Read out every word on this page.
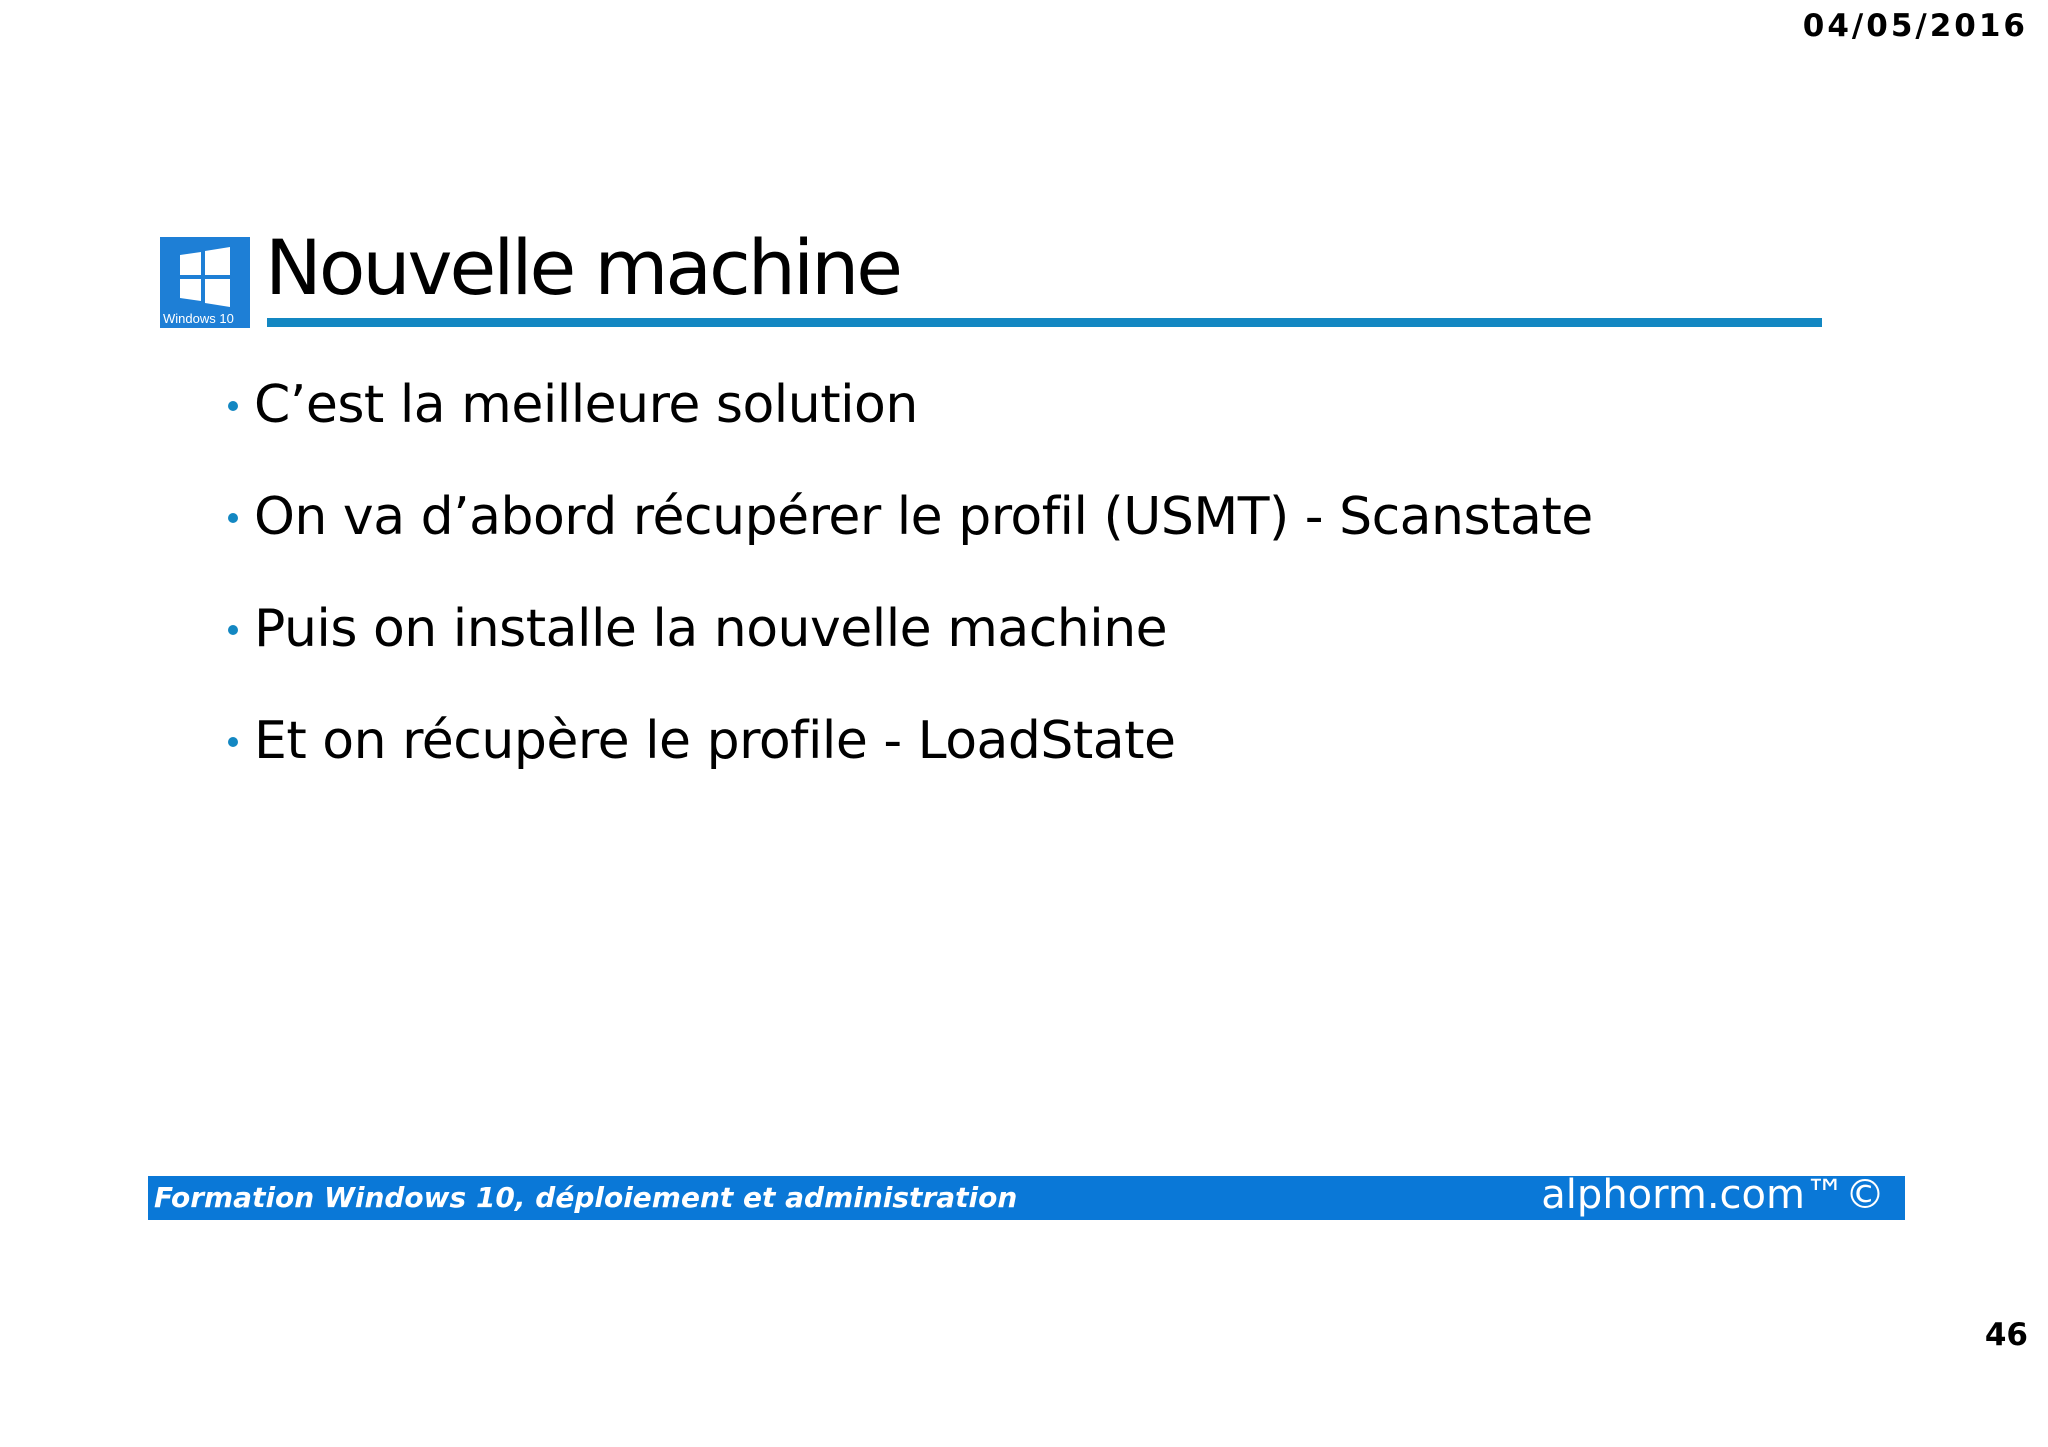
04/05/2016
Windows 10
Nouvelle machine
C’est la meilleure solution
On va d’abord récupérer le profil (USMT) - Scanstate
Puis on installe la nouvelle machine
Et on récupère le profile - LoadState
Formation Windows 10, déploiement et administration	alphorm.com™©
46
